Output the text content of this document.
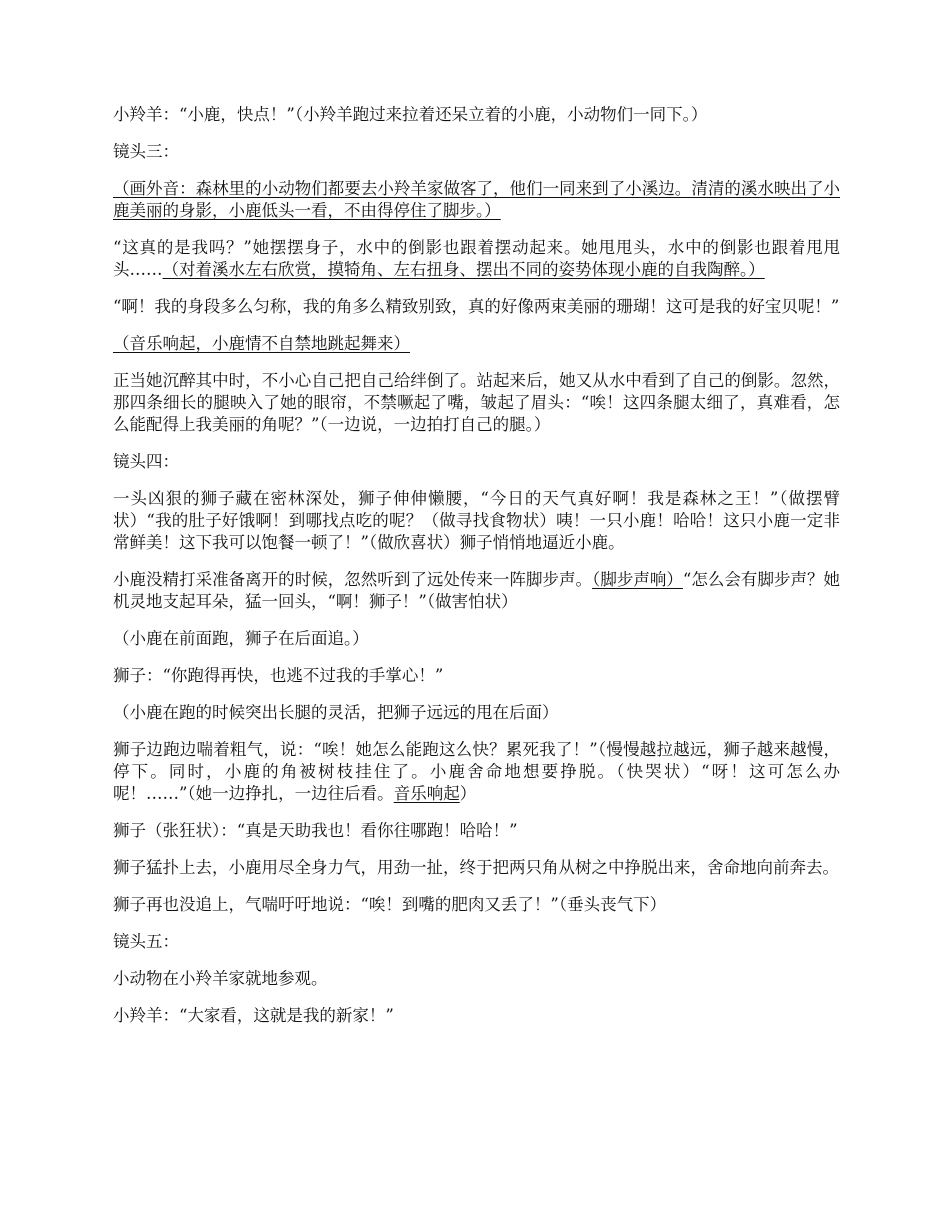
小羚羊：“小鹿，快点！”（小羚羊跑过来拉着还呆立着的小鹿，小动物们一同下。）

镜头三：

（画外音：森林里的小动物们都要去小羚羊家做客了，他们一同来到了小溪边。清清的溪水映出了小鹿美丽的身影，小鹿低头一看，不由得停住了脚步。）

“这真的是我吗？”她摆摆身子，水中的倒影也跟着摆动起来。她甩甩头，水中的倒影也跟着甩甩头……（对着溪水左右欣赏，摸犄角、左右扭身、摆出不同的姿势体现小鹿的自我陶醉。）

“啊！我的身段多么匀称，我的角多么精致别致，真的好像两束美丽的珊瑚！这可是我的好宝贝呢！”

（音乐响起，小鹿情不自禁地跳起舞来）

正当她沉醉其中时，不小心自己把自己给绊倒了。站起来后，她又从水中看到了自己的倒影。忽然，那四条细长的腿映入了她的眼帘，不禁噘起了嘴，皱起了眉头：“唉！这四条腿太细了，真难看，怎么能配得上我美丽的角呢？”（一边说，一边拍打自己的腿。）

镜头四：

一头凶狠的狮子藏在密林深处，狮子伸伸懒腰，“今日的天气真好啊！我是森林之王！”（做摆臂状）“我的肚子好饿啊！到哪找点吃的呢？（做寻找食物状）咦！一只小鹿！哈哈！这只小鹿一定非常鲜美！这下我可以饱餐一顿了！”（做欣喜状）狮子悄悄地逼近小鹿。

小鹿没精打采准备离开的时候，忽然听到了远处传来一阵脚步声。（脚步声响）“怎么会有脚步声？她机灵地支起耳朵，猛一回头，“啊！狮子！”（做害怕状）

（小鹿在前面跑，狮子在后面追。）

狮子：“你跑得再快，也逃不过我的手掌心！”

（小鹿在跑的时候突出长腿的灵活，把狮子远远的甩在后面）

狮子边跑边喘着粗气，说：“唉！她怎么能跑这么快？累死我了！”（慢慢越拉越远，狮子越来越慢，停下。同时，小鹿的角被树枝挂住了。小鹿舍命地想要挣脱。（快哭状）“呀！这可怎么办呢！……”（她一边挣扎，一边往后看。音乐响起）

狮子（张狂状）：“真是天助我也！看你往哪跑！哈哈！”

狮子猛扑上去，小鹿用尽全身力气，用劲一扯，终于把两只角从树之中挣脱出来，舍命地向前奔去。

狮子再也没追上，气喘吁吁地说：“唉！到嘴的肥肉又丢了！”（垂头丧气下）

镜头五：

小动物在小羚羊家就地参观。

小羚羊：“大家看，这就是我的新家！”
